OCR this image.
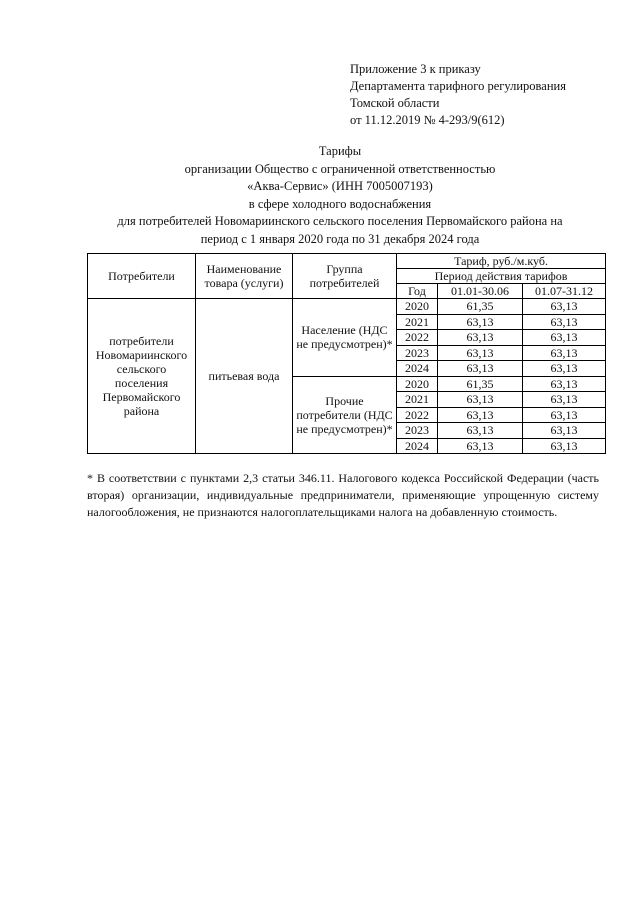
Приложение 3 к приказу
Департамента тарифного регулирования
Томской области
от 11.12.2019 № 4-293/9(612)
Тарифы
организации Общество с ограниченной ответственностью
«Аква-Сервис» (ИНН 7005007193)
в сфере холодного водоснабжения
для потребителей Новомариинского сельского поселения Первомайского района на
период с 1 января 2020 года по 31 декабря 2024 года
Потребители	Наименование товара (услуги)	Группа потребителей	Тариф, руб./м.куб.		
			Период действия тарифов		
			Год	01.01-30.06	01.07-31.12
потребители Новомариинского сельского поселения Первомайского района	питьевая вода	Население (НДС не предусмотрен)*	2020	61,35	63,13
			2021	63,13	63,13
			2022	63,13	63,13
			2023	63,13	63,13
			2024	63,13	63,13
		Прочие потребители (НДС не предусмотрен)*	2020	61,35	63,13
			2021	63,13	63,13
			2022	63,13	63,13
			2023	63,13	63,13
			2024	63,13	63,13
* В соответствии с пунктами 2,3 статьи 346.11. Налогового кодекса Российской Федерации (часть вторая) организации, индивидуальные предприниматели, применяющие упрощенную систему налогообложения, не признаются налогоплательщиками налога на добавленную стоимость.
